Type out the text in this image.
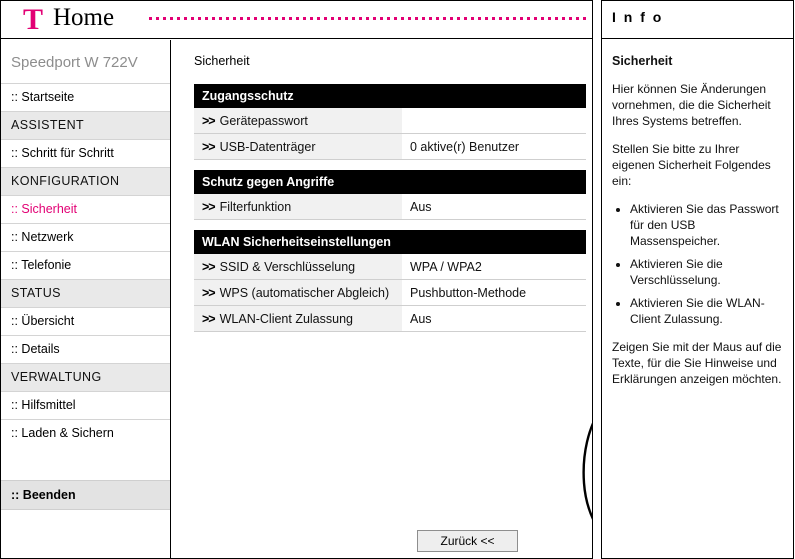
T Home
Speedport W 722V
:: Startseite
ASSISTENT
:: Schritt für Schritt
KONFIGURATION
:: Sicherheit
:: Netzwerk
:: Telefonie
STATUS
:: Übersicht
:: Details
VERWALTUNG
:: Hilfsmittel
:: Laden & Sichern
:: Beenden
Sicherheit
Zugangsschutz
>> Gerätepasswort
>> USB-Datenträger	0 aktive(r) Benutzer
Schutz gegen Angriffe
>> Filterfunktion	Aus
WLAN Sicherheitseinstellungen
>> SSID & Verschlüsselung	WPA / WPA2
>> WPS (automatischer Abgleich)	Pushbutton-Methode
>> WLAN-Client Zulassung	Aus
Zurück <<
I n f o
Sicherheit

Hier können Sie Änderungen vornehmen, die die Sicherheit Ihres Systems betreffen.

Stellen Sie bitte zu Ihrer eigenen Sicherheit Folgendes ein:

• Aktivieren Sie das Passwort für den USB Massenspeicher.
• Aktivieren Sie die Verschlüsselung.
• Aktivieren Sie die WLAN-Client Zulassung.

Zeigen Sie mit der Maus auf die Texte, für die Sie Hinweise und Erklärungen anzeigen möchten.
